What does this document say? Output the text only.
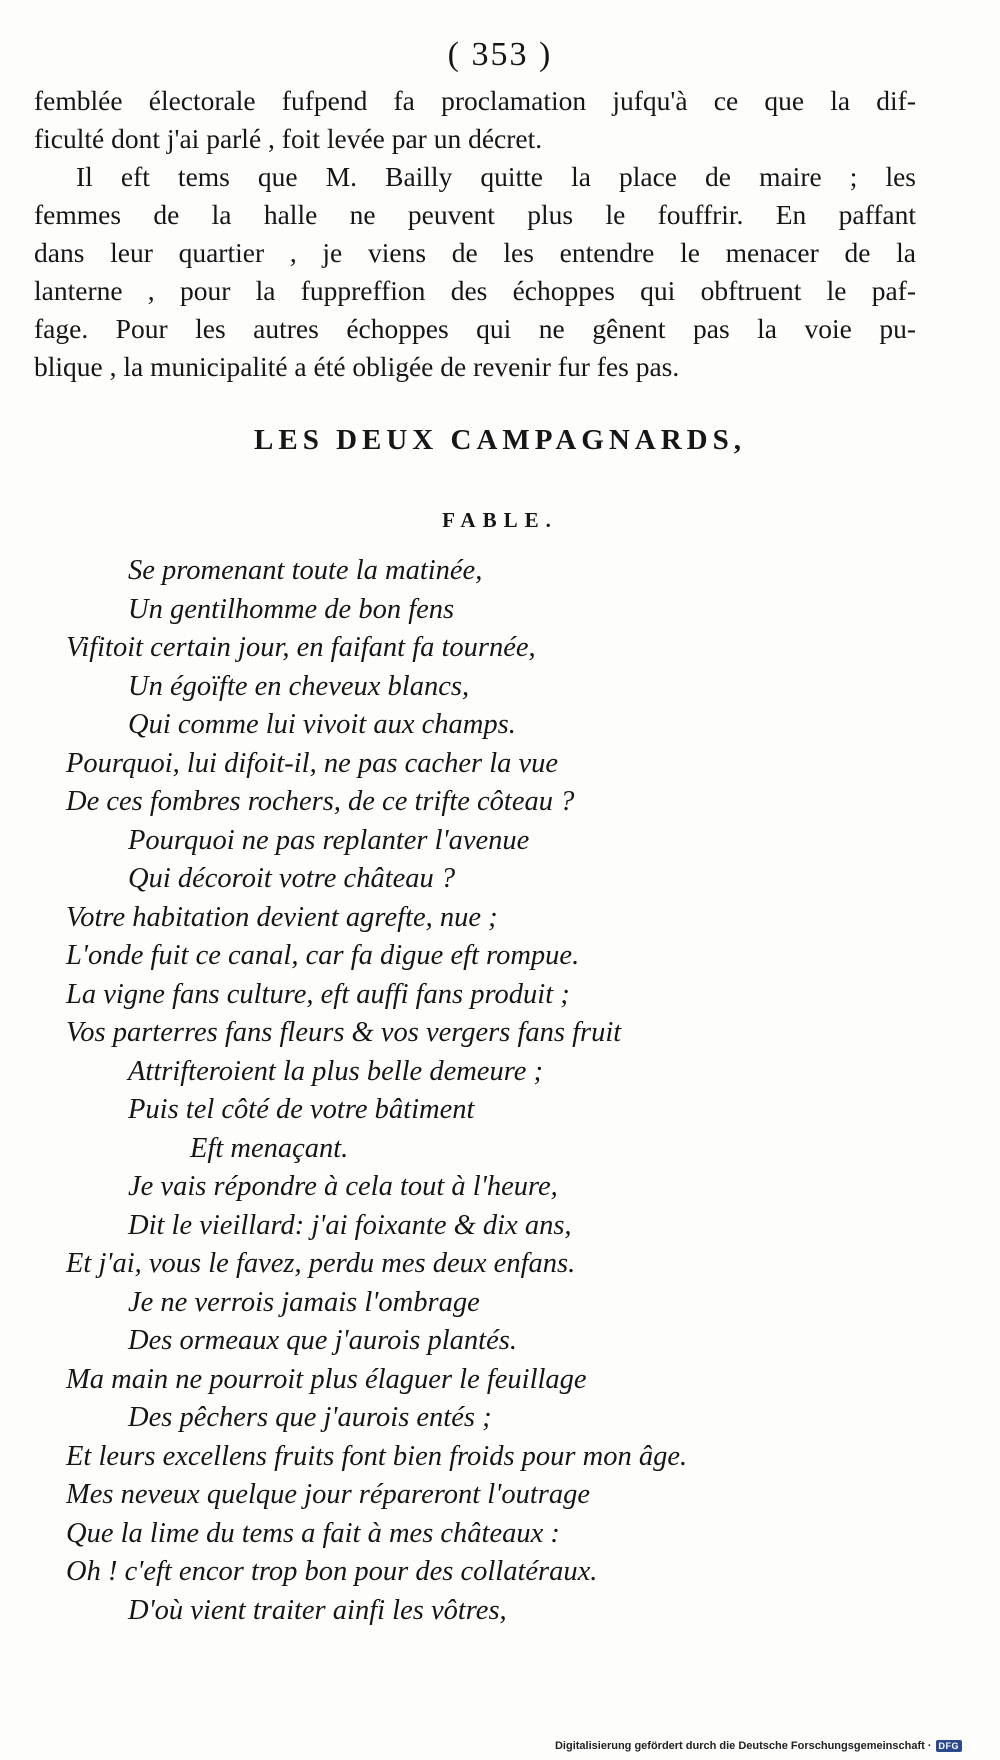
( 353 )
femblée électorale fufpend fa proclamation jufqu'à ce que la dif-
ficulté dont j'ai parlé , foit levée par un décret.
Il eft tems que M. Bailly quitte la place de maire ; les
femmes de la halle ne peuvent plus le fouffrir. En paffant
dans leur quartier , je viens de les entendre le menacer de la
lanterne , pour la fuppreffion des échoppes qui obftruent le paf-
fage. Pour les autres échoppes qui ne gênent pas la voie pu-
blique , la municipalité a été obligée de revenir fur fes pas.
LES DEUX CAMPAGNARDS,
FABLE.
Se promenant toute la matinée,
Un gentilhomme de bon fens
Vifitoit certain jour, en faifant fa tournée,
Un égoïfte en cheveux blancs,
Qui comme lui vivoit aux champs.
Pourquoi, lui difoit-il, ne pas cacher la vue
De ces fombres rochers, de ce trifte côteau ?
Pourquoi ne pas replanter l'avenue
Qui décoroit votre château ?
Votre habitation devient agrefte, nue ;
L'onde fuit ce canal, car fa digue eft rompue.
La vigne fans culture, eft auffi fans produit ;
Vos parterres fans fleurs & vos vergers fans fruit
Attrifteroient la plus belle demeure ;
Puis tel côté de votre bâtiment
Eft menaçant.
Je vais répondre à cela tout à l'heure,
Dit le vieillard: j'ai foixante & dix ans,
Et j'ai, vous le favez, perdu mes deux enfans.
Je ne verrois jamais l'ombrage
Des ormeaux que j'aurois plantés.
Ma main ne pourroit plus élaguer le feuillage
Des pêchers que j'aurois entés ;
Et leurs excellens fruits font bien froids pour mon âge.
Mes neveux quelque jour répareront l'outrage
Que la lime du tems a fait à mes châteaux :
Oh ! c'eft encor trop bon pour des collatéraux.
D'où vient traiter ainfi les vôtres,
Digitalisierung gefördert durch die Deutsche Forschungsgemeinschaft · DFG
